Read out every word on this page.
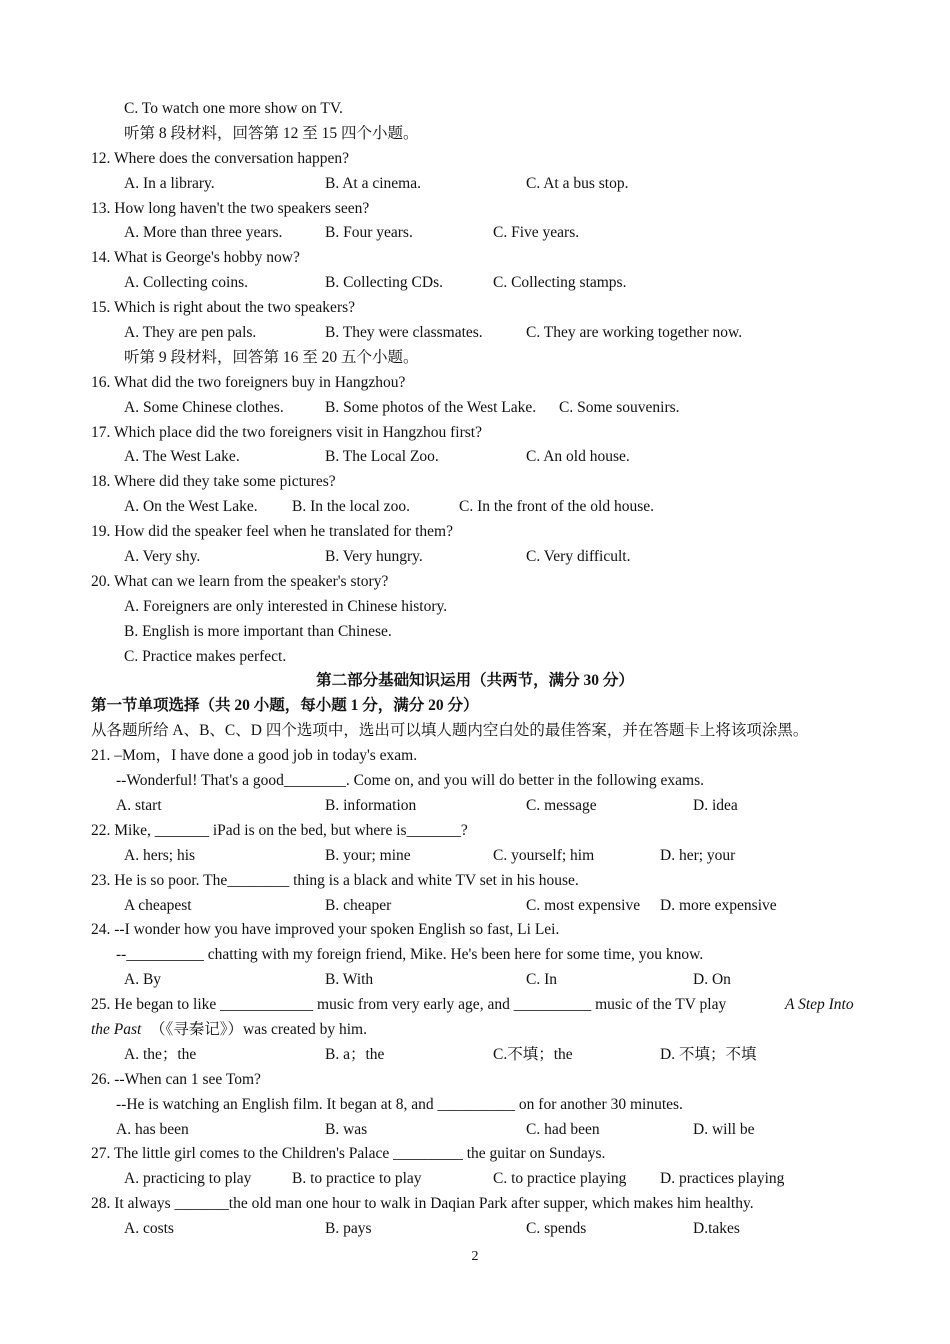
C. To watch one more show on TV.
听第 8 段材料，回答第 12 至 15 四个小题。
12. Where does the conversation happen?
A. In a library.	B. At a cinema.	C. At a bus stop.
13. How long haven't the two speakers seen?
A. More than three years.	B. Four years.	C. Five years.
14. What is George's hobby now?
A. Collecting coins.	B. Collecting CDs.	C. Collecting stamps.
15. Which is right about the two speakers?
A. They are pen pals.	B. They were classmates.	C. They are working together now.
听第 9 段材料，回答第 16 至 20 五个小题。
16. What did the two foreigners buy in Hangzhou?
A. Some Chinese clothes.	B. Some photos of the West Lake. C. Some souvenirs.
17. Which place did the two foreigners visit in Hangzhou first?
A. The West Lake.	B. The Local Zoo.	C. An old house.
18. Where did they take some pictures?
A. On the West Lake. B. In the local zoo.	C. In the front of the old house.
19. How did the speaker feel when he translated for them?
A. Very shy.	B. Very hungry.	C. Very difficult.
20. What can we learn from the speaker's story?
A. Foreigners are only interested in Chinese history.
B. English is more important than Chinese.
C. Practice makes perfect.
第二部分基础知识运用（共两节，满分 30 分）
第一节单项选择（共 20 小题，每小题 1 分，满分 20 分）
从各题所给 A、B、C、D 四个选项中，选出可以填人题内空白处的最佳答案，并在答题卡上将该项涂黑。
21. –Mom，I have done a good job in today's exam.
--Wonderful! That's a good________. Come on, and you will do better in the following exams.
A. start	B. information	C. message	D. idea
22. Mike, _______ iPad is on the bed, but where is_______?
A. hers; his	B. your; mine	C. yourself; him	D. her; your
23. He is so poor. The________ thing is a black and white TV set in his house.
A cheapest	B. cheaper	C. most expensive D. more expensive
24. --I wonder how you have improved your spoken English so fast, Li Lei.
--__________ chatting with my foreign friend, Mike. He's been here for some time, you know.
A. By	B. With	C. In	D. On
25. He began to like ____________ music from very early age, and __________ music of the TV play	A Step Into
the Past （《寻秦记》）was created by him.
A. the；the	B. a；the	C.不填；the	D. 不填；不填
26. --When can 1 see Tom?
--He is watching an English film. It began at 8, and __________ on for another 30 minutes.
A. has been	B. was	C. had been	D. will be
27. The little girl comes to the Children's Palace _________ the guitar on Sundays.
A. practicing to play	B. to practice to play	C. to practice playing D. practices playing
28. It always _______the old man one hour to walk in Daqian Park after supper, which makes him healthy.
A. costs	B. pays	C. spends	D.takes
2
